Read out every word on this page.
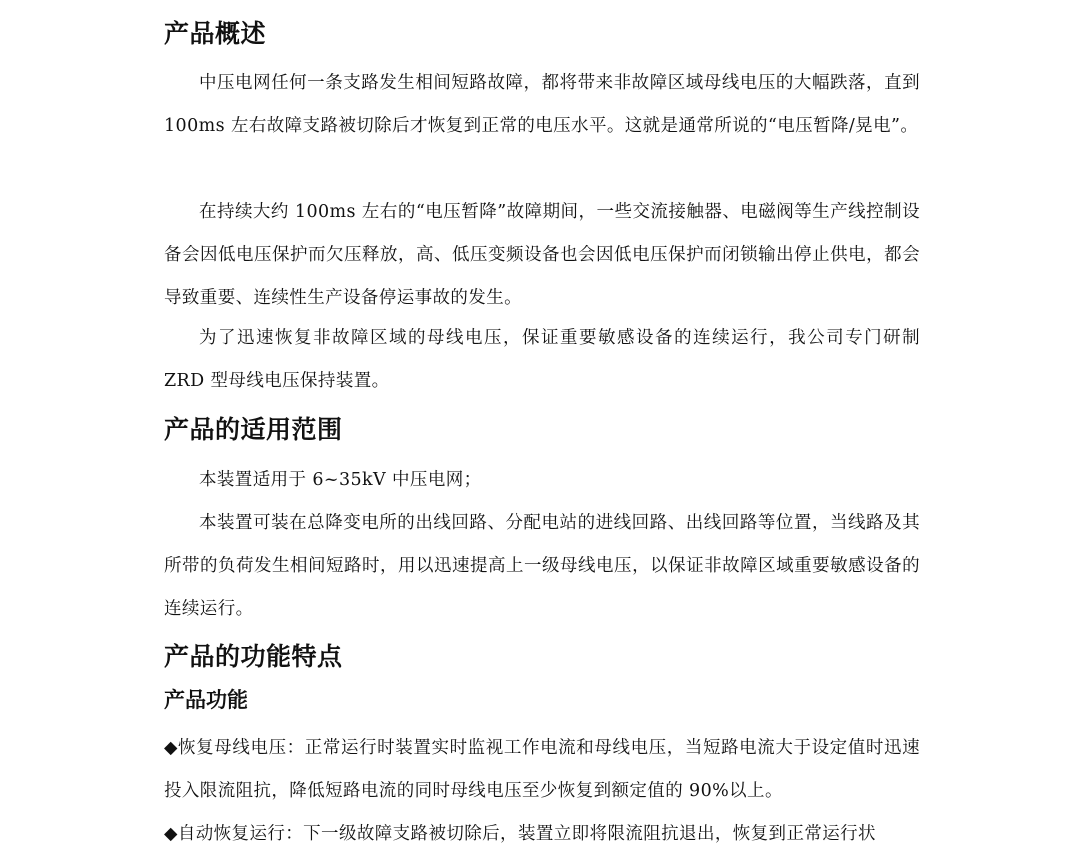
产品概述

中压电网任何一条支路发生相间短路故障，都将带来非故障区域母线电压的大幅跌落，直到 100ms 左右故障支路被切除后才恢复到正常的电压水平。这就是通常所说的“电压暂降/晃电”。

在持续大约 100ms 左右的“电压暂降”故障期间，一些交流接触器、电磁阀等生产线控制设备会因低电压保护而欠压释放，高、低压变频设备也会因低电压保护而闭锁输出停止供电，都会导致重要、连续性生产设备停运事故的发生。

为了迅速恢复非故障区域的母线电压，保证重要敏感设备的连续运行，我公司专门研制 ZRD 型母线电压保持装置。

产品的适用范围

本装置适用于 6~35kV 中压电网；

本装置可装在总降变电所的出线回路、分配电站的进线回路、出线回路等位置，当线路及其所带的负荷发生相间短路时，用以迅速提高上一级母线电压，以保证非故障区域重要敏感设备的连续运行。

产品的功能特点
产品功能

◆恢复母线电压：正常运行时装置实时监视工作电流和母线电压，当短路电流大于设定值时迅速投入限流阻抗，降低短路电流的同时母线电压至少恢复到额定值的 90%以上。

◆自动恢复运行：下一级故障支路被切除后，装置立即将限流阻抗退出，恢复到正常运行状
